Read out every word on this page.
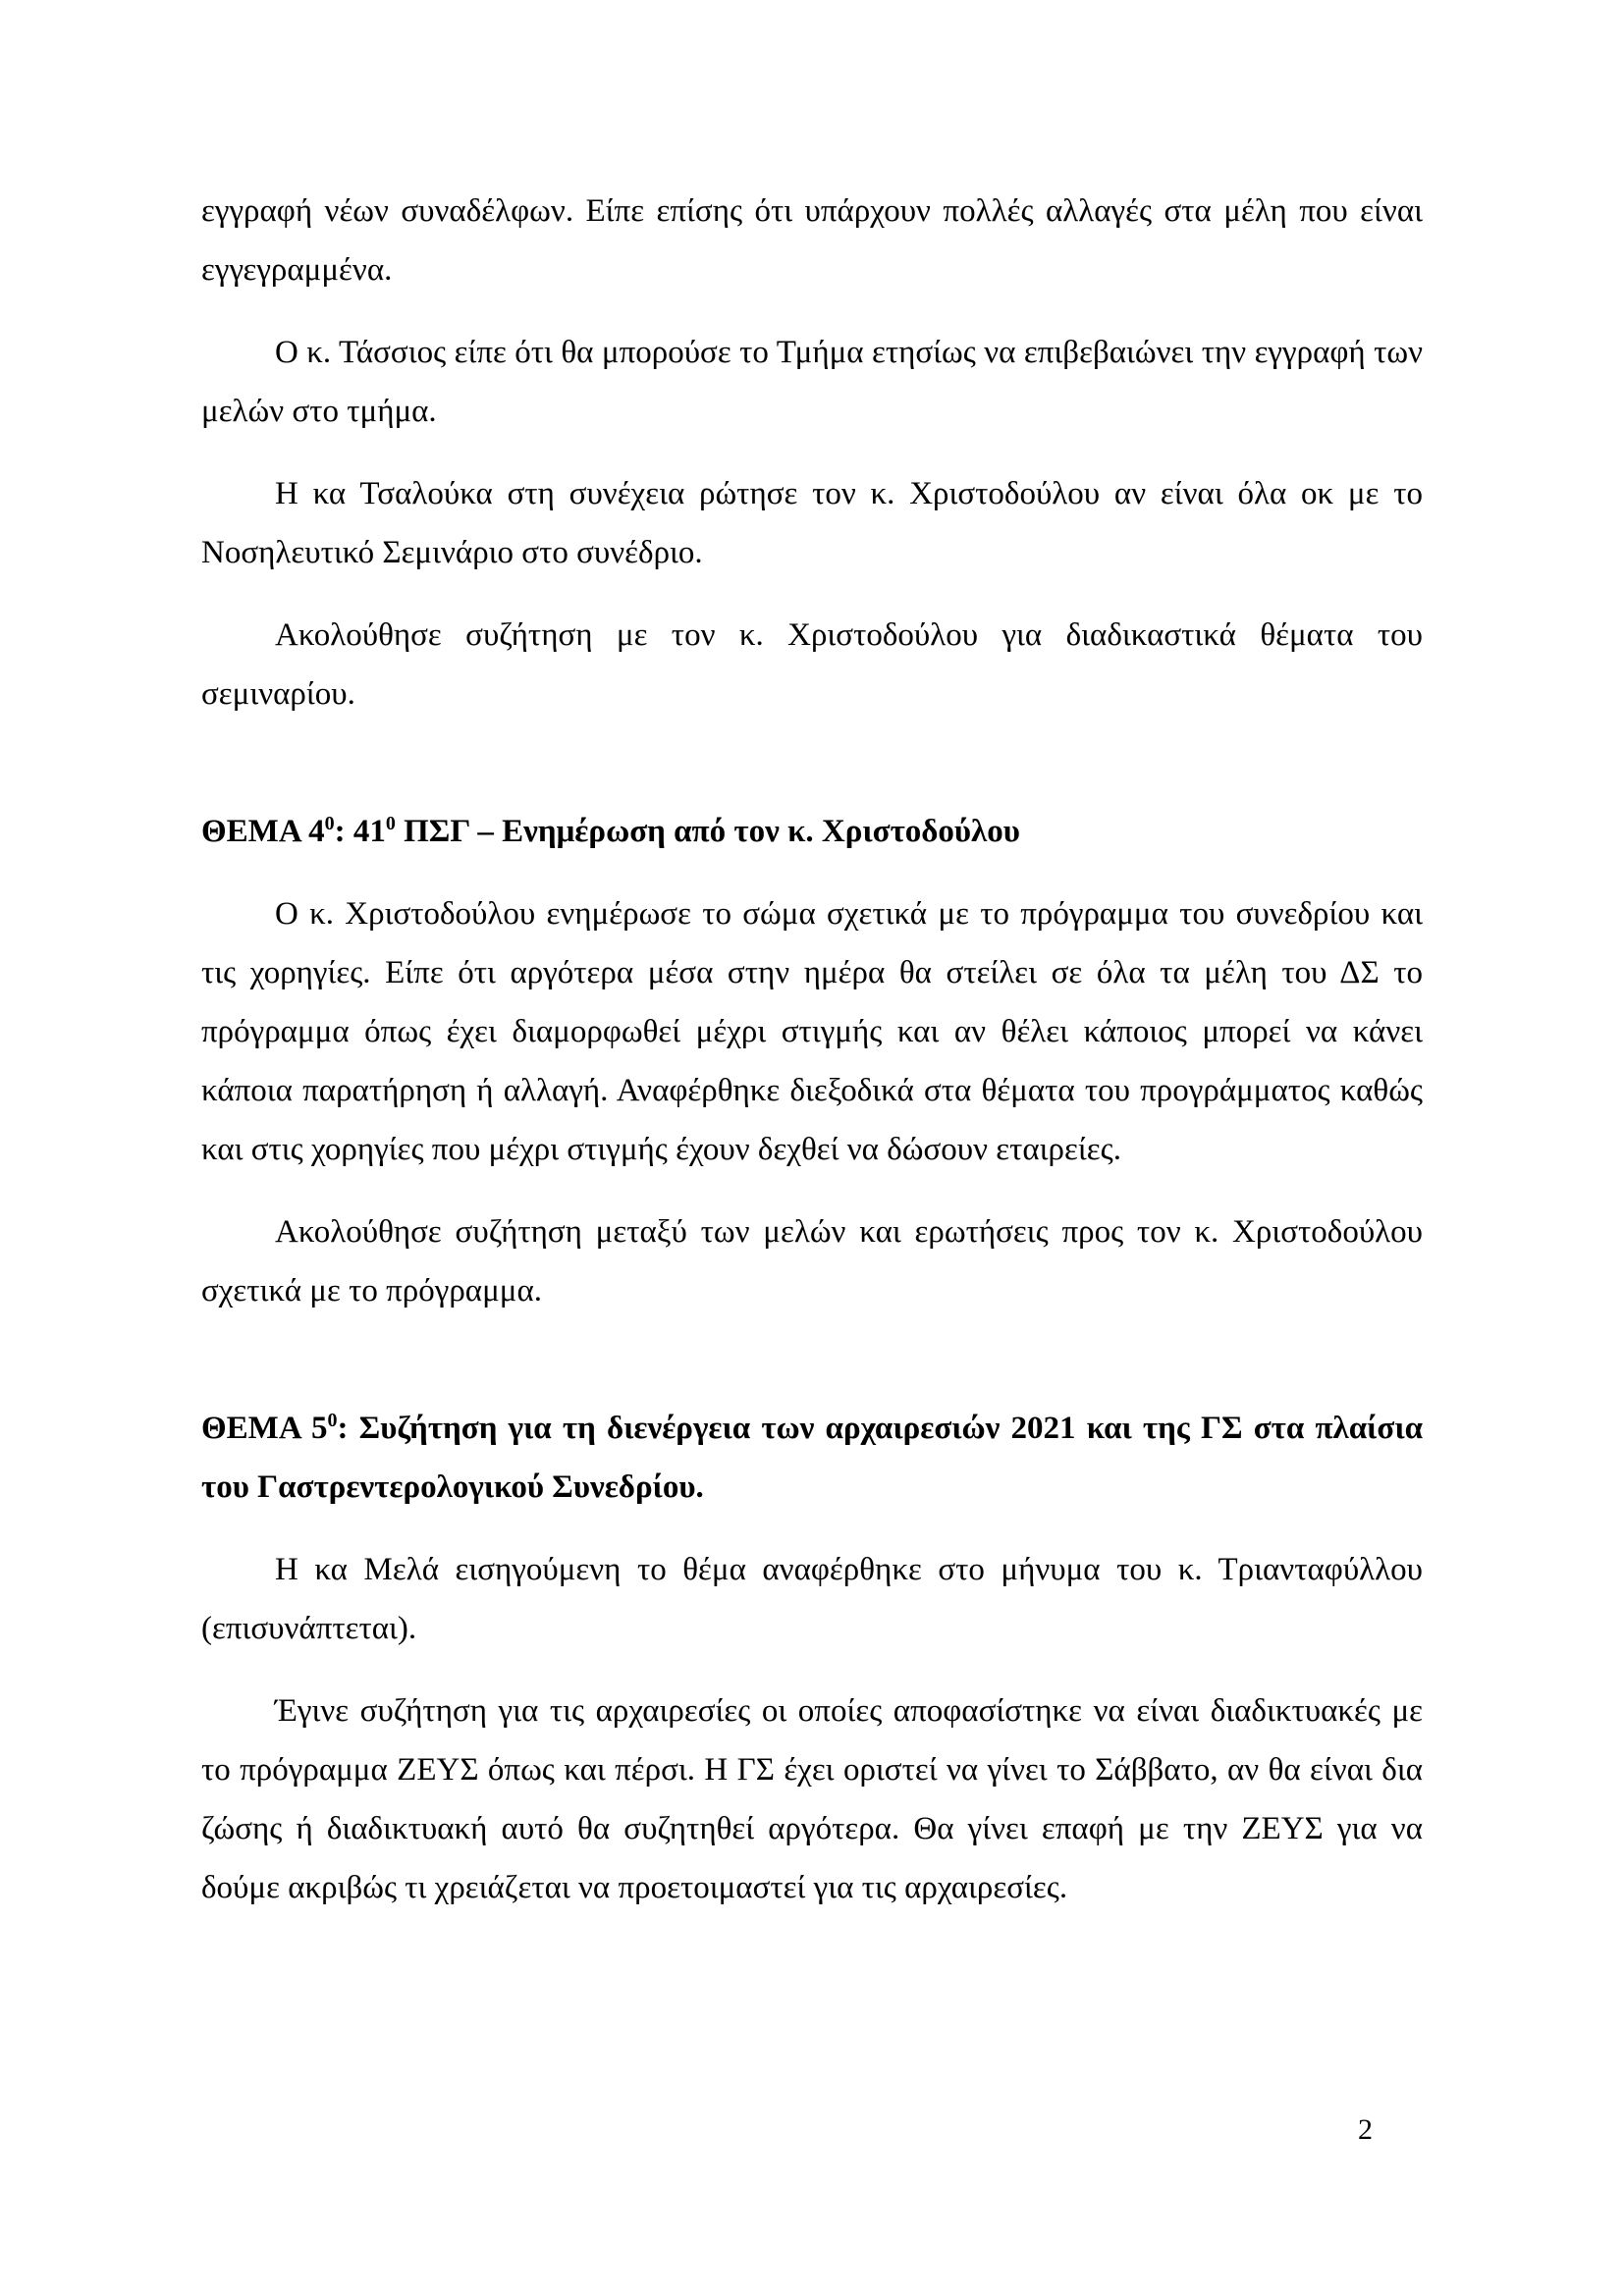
εγγραφή νέων συναδέλφων. Είπε επίσης ότι υπάρχουν πολλές αλλαγές στα μέλη που είναι εγγεγραμμένα.

Ο κ. Τάσσιος είπε ότι θα μπορούσε το Τμήμα ετησίως να επιβεβαιώνει την εγγραφή των μελών στο τμήμα.

Η κα Τσαλούκα στη συνέχεια ρώτησε τον κ. Χριστοδούλου αν είναι όλα οκ με το Νοσηλευτικό Σεμινάριο στο συνέδριο.

Ακολούθησε συζήτηση με τον κ. Χριστοδούλου για διαδικαστικά θέματα του σεμιναρίου.

ΘΕΜΑ $4^0$: $41^0$ ΠΣΓ – Ενημέρωση από τον κ. Χριστοδούλου

Ο κ. Χριστοδούλου ενημέρωσε το σώμα σχετικά με το πρόγραμμα του συνεδρίου και τις χορηγίες. Είπε ότι αργότερα μέσα στην ημέρα θα στείλει σε όλα τα μέλη του ΔΣ το πρόγραμμα όπως έχει διαμορφωθεί μέχρι στιγμής και αν θέλει κάποιος μπορεί να κάνει κάποια παρατήρηση ή αλλαγή. Αναφέρθηκε διεξοδικά στα θέματα του προγράμματος καθώς και στις χορηγίες που μέχρι στιγμής έχουν δεχθεί να δώσουν εταιρείες.

Ακολούθησε συζήτηση μεταξύ των μελών και ερωτήσεις προς τον κ. Χριστοδούλου σχετικά με το πρόγραμμα.

ΘΕΜΑ $5^0$: Συζήτηση για τη διενέργεια των αρχαιρεσιών 2021 και της ΓΣ στα πλαίσια του Γαστρεντερολογικού Συνεδρίου.

Η κα Μελά εισηγούμενη το θέμα αναφέρθηκε στο μήνυμα του κ. Τριανταφύλλου (επισυνάπτεται).

Έγινε συζήτηση για τις αρχαιρεσίες οι οποίες αποφασίστηκε να είναι διαδικτυακές με το πρόγραμμα ΖΕΥΣ όπως και πέρσι. Η ΓΣ έχει οριστεί να γίνει το Σάββατο, αν θα είναι δια ζώσης ή διαδικτυακή αυτό θα συζητηθεί αργότερα. Θα γίνει επαφή με την ΖΕΥΣ για να δούμε ακριβώς τι χρειάζεται να προετοιμαστεί για τις αρχαιρεσίες.

2
